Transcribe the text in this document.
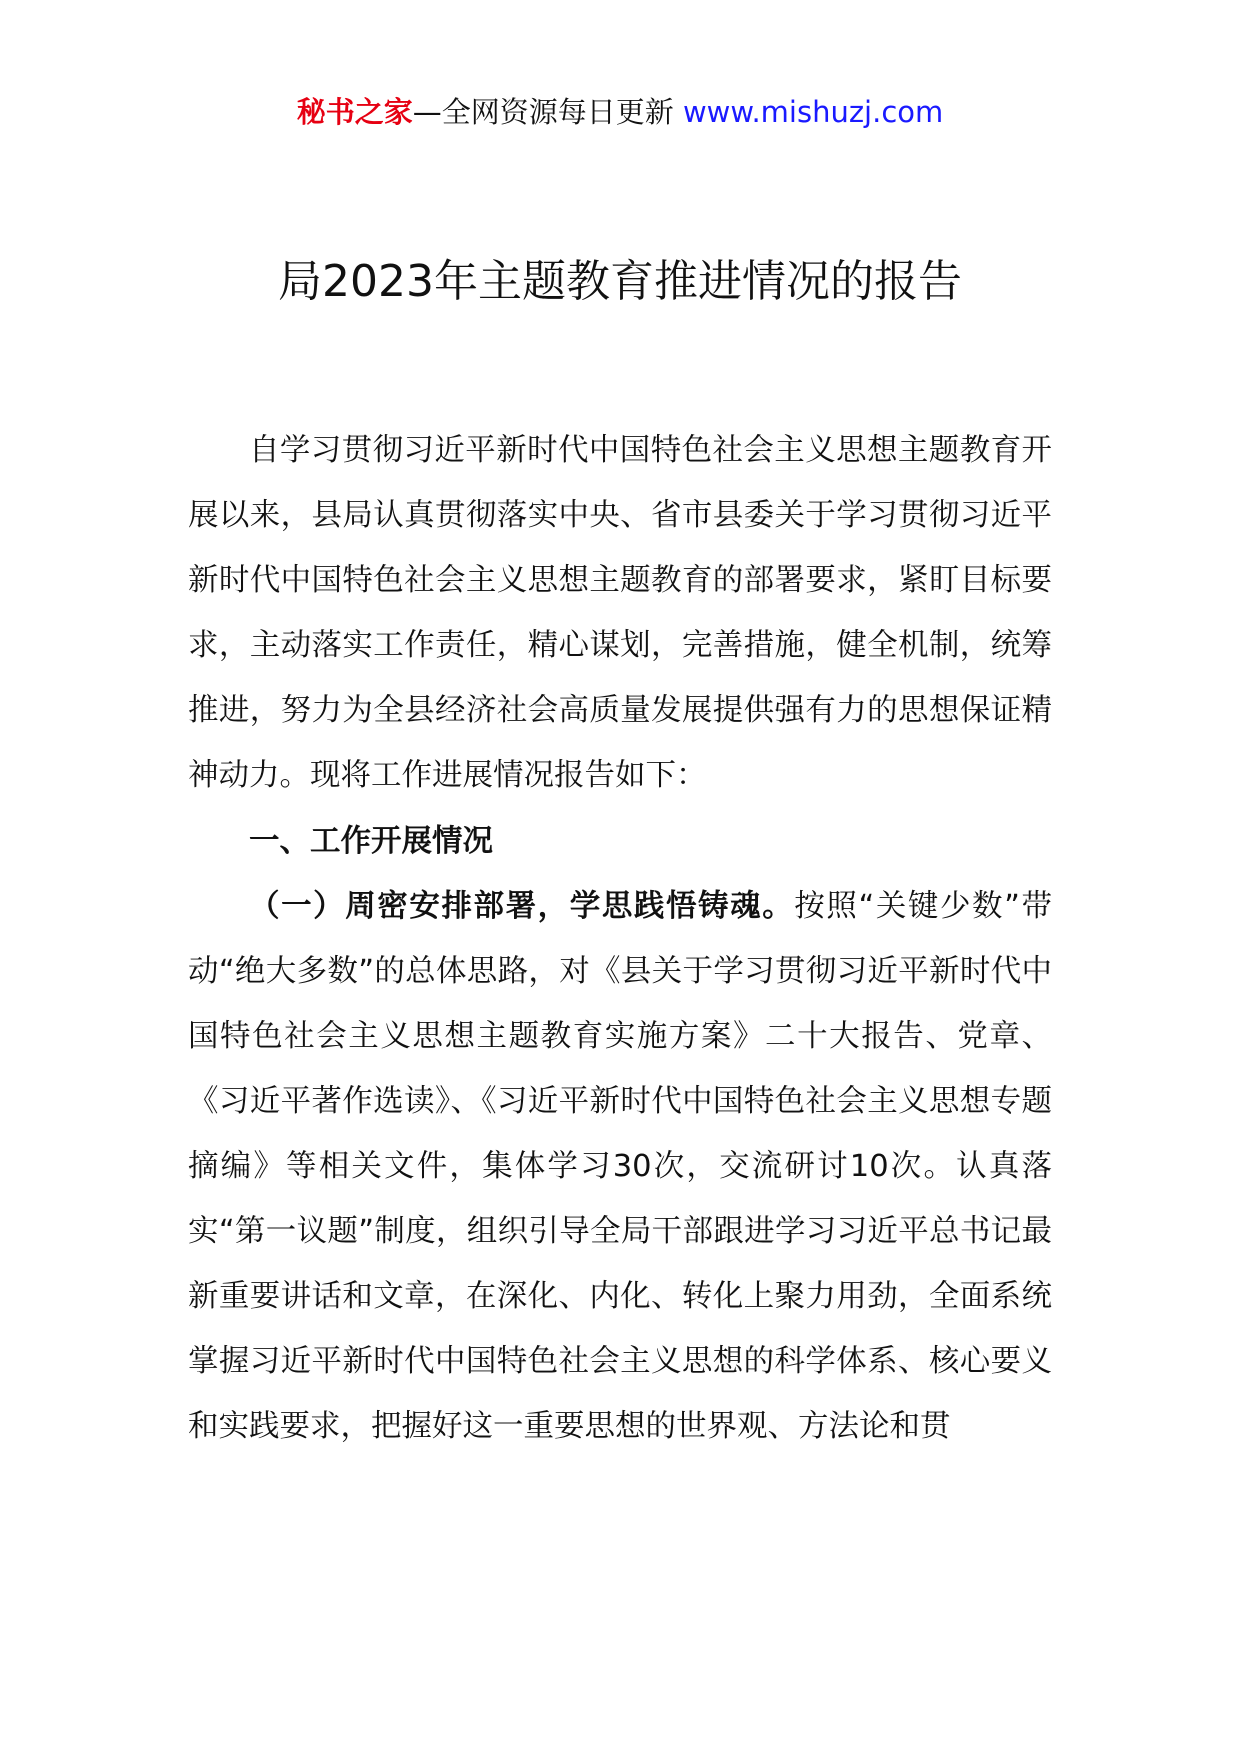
秘书之家—全网资源每日更新 www.mishuzj.com
局2023年主题教育推进情况的报告

自学习贯彻习近平新时代中国特色社会主义思想主题教育开展以来，县局认真贯彻落实中央、省市县委关于学习贯彻习近平新时代中国特色社会主义思想主题教育的部署要求，紧盯目标要求，主动落实工作责任，精心谋划，完善措施，健全机制，统筹推进，努力为全县经济社会高质量发展提供强有力的思想保证精神动力。现将工作进展情况报告如下：

一、工作开展情况

（一）周密安排部署，学思践悟铸魂。按照“关键少数”带动“绝大多数”的总体思路，对《县关于学习贯彻习近平新时代中国特色社会主义思想主题教育实施方案》二十大报告、党章、《习近平著作选读》、《习近平新时代中国特色社会主义思想专题摘编》等相关文件，集体学习30次，交流研讨10次。认真落实“第一议题”制度，组织引导全局干部跟进学习习近平总书记最新重要讲话和文章，在深化、内化、转化上聚力用劲，全面系统掌握习近平新时代中国特色社会主义思想的科学体系、核心要义和实践要求，把握好这一重要思想的世界观、方法论和贯
